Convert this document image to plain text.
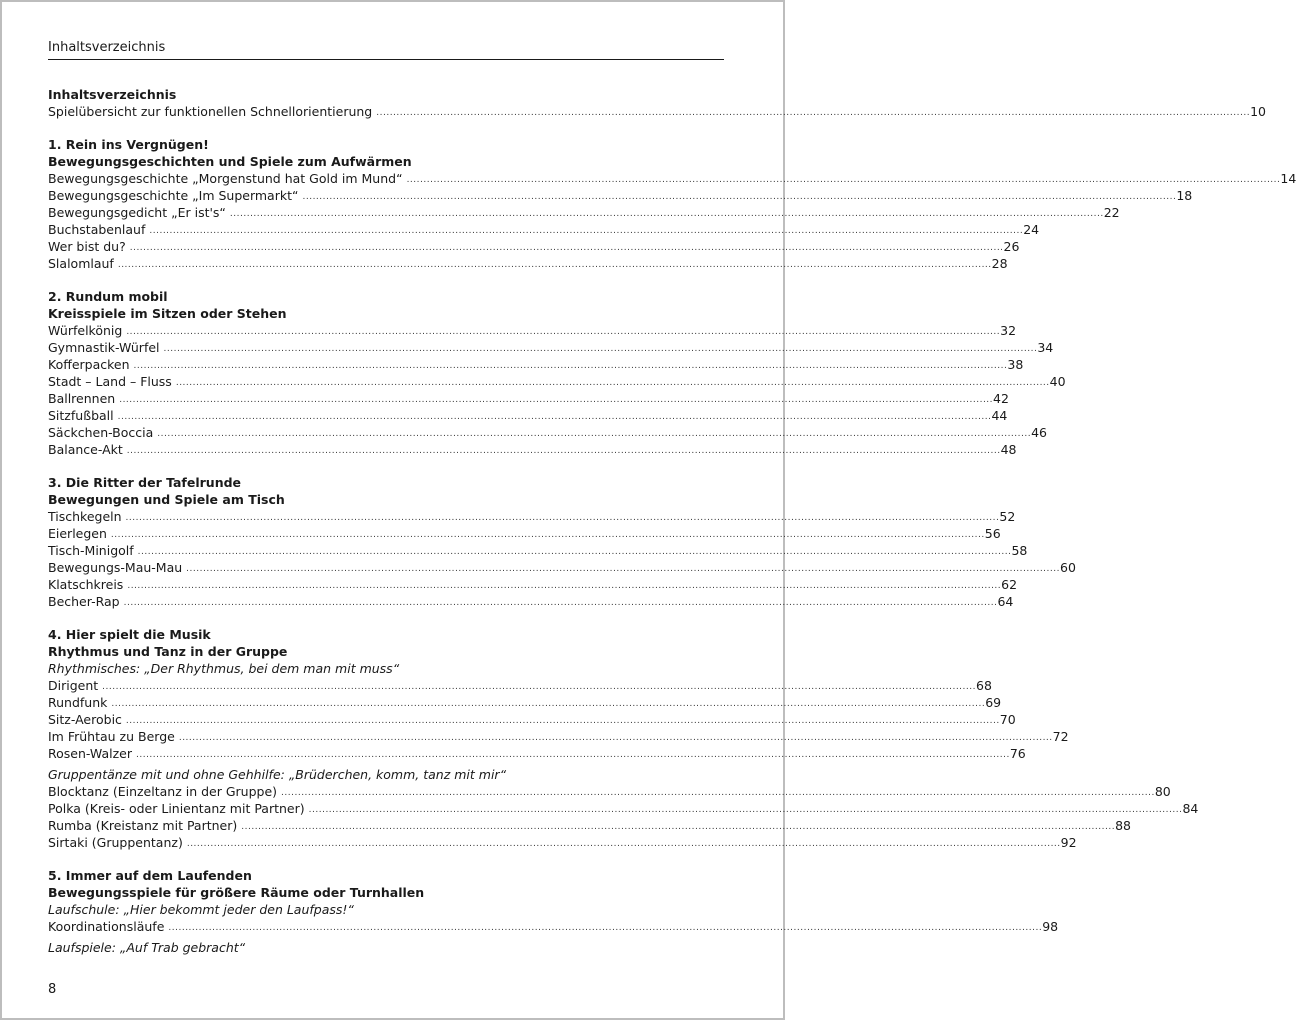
Inhaltsverzeichnis
Inhaltsverzeichnis
Spielübersicht zur funktionellen Schnellorientierung .................................................................................................................................................................................................................................................................... 10
1. Rein ins Vergnügen!
Bewegungsgeschichten und Spiele zum Aufwärmen
Bewegungsgeschichte „Morgenstund hat Gold im Mund“ .................................................................................................................................................................................................................................................................... 14
Bewegungsgeschichte „Im Supermarkt“ .................................................................................................................................................................................................................................................................... 18
Bewegungsgedicht „Er ist's“ .................................................................................................................................................................................................................................................................... 22
Buchstabenlauf .................................................................................................................................................................................................................................................................... 24
Wer bist du? .................................................................................................................................................................................................................................................................... 26
Slalomlauf .................................................................................................................................................................................................................................................................... 28
2. Rundum mobil
Kreisspiele im Sitzen oder Stehen
Würfelkönig .................................................................................................................................................................................................................................................................... 32
Gymnastik-Würfel .................................................................................................................................................................................................................................................................... 34
Kofferpacken .................................................................................................................................................................................................................................................................... 38
Stadt – Land – Fluss .................................................................................................................................................................................................................................................................... 40
Ballrennen .................................................................................................................................................................................................................................................................... 42
Sitzfußball .................................................................................................................................................................................................................................................................... 44
Säckchen-Boccia .................................................................................................................................................................................................................................................................... 46
Balance-Akt .................................................................................................................................................................................................................................................................... 48
3. Die Ritter der Tafelrunde
Bewegungen und Spiele am Tisch
Tischkegeln .................................................................................................................................................................................................................................................................... 52
Eierlegen .................................................................................................................................................................................................................................................................... 56
Tisch-Minigolf .................................................................................................................................................................................................................................................................... 58
Bewegungs-Mau-Mau .................................................................................................................................................................................................................................................................... 60
Klatschkreis .................................................................................................................................................................................................................................................................... 62
Becher-Rap .................................................................................................................................................................................................................................................................... 64
4. Hier spielt die Musik
Rhythmus und Tanz in der Gruppe
Rhythmisches: „Der Rhythmus, bei dem man mit muss“
Dirigent .................................................................................................................................................................................................................................................................... 68
Rundfunk .................................................................................................................................................................................................................................................................... 69
Sitz-Aerobic .................................................................................................................................................................................................................................................................... 70
Im Frühtau zu Berge .................................................................................................................................................................................................................................................................... 72
Rosen-Walzer .................................................................................................................................................................................................................................................................... 76
Gruppentänze mit und ohne Gehhilfe: „Brüderchen, komm, tanz mit mir“
Blocktanz (Einzeltanz in der Gruppe) .................................................................................................................................................................................................................................................................... 80
Polka (Kreis- oder Linientanz mit Partner) .................................................................................................................................................................................................................................................................... 84
Rumba (Kreistanz mit Partner) .................................................................................................................................................................................................................................................................... 88
Sirtaki (Gruppentanz) .................................................................................................................................................................................................................................................................... 92
5. Immer auf dem Laufenden
Bewegungsspiele für größere Räume oder Turnhallen
Laufschule: „Hier bekommt jeder den Laufpass!“
Koordinationsläufe .................................................................................................................................................................................................................................................................... 98
Laufspiele: „Auf Trab gebracht“
8
